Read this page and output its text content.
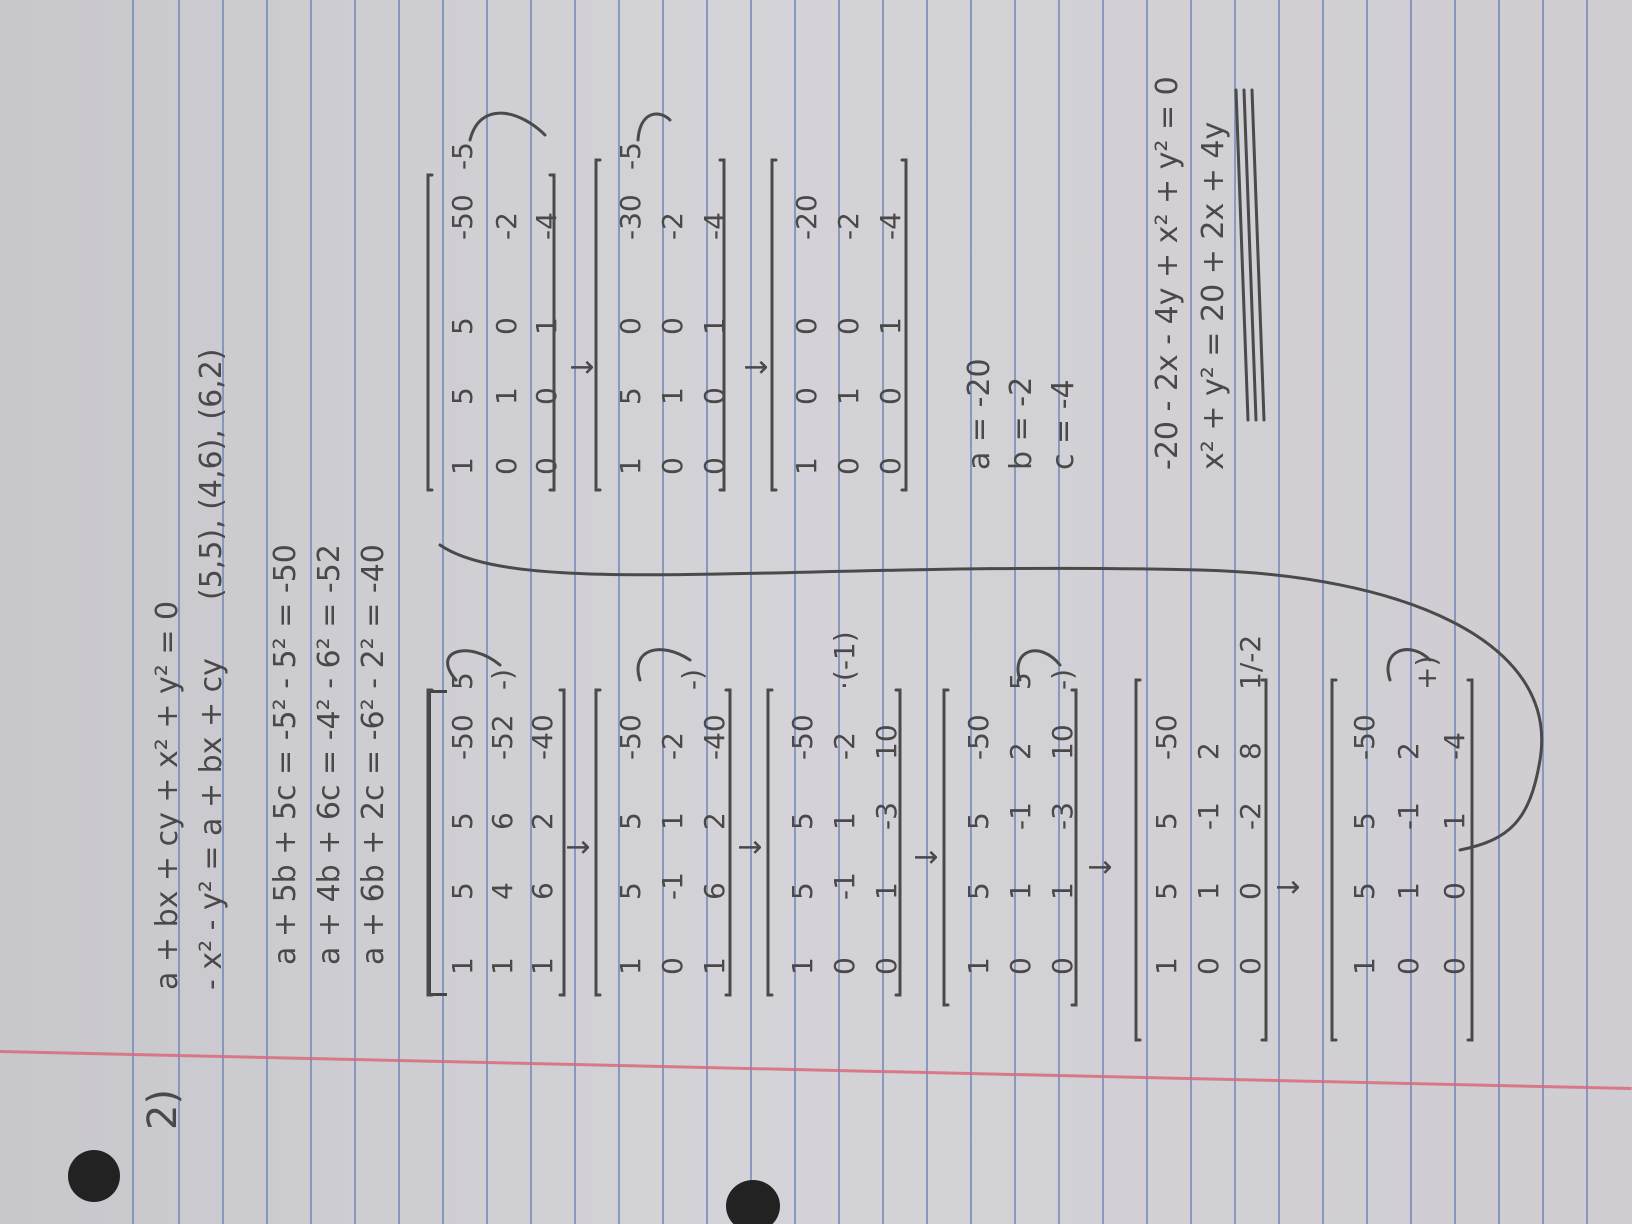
2)
a + bx + cy + x² + y² = 0 - x² - y² = a + bx + cy
(5,5), (4,6), (6,2)
a + 5b + 5c = -5² - 5² = -50 a + 4b + 6c = -4² - 6² = -52 a + 6b + 2c = -6² - 2² = -40
1
5
5
-50
1
4
6
-52
1
6
2
-40
5 -)
↓
1
5
5
-50
0
-1
1
-2
1
6
2
-40
-)
↓
1
5
5
-50
0
-1
1
-2
0
1
-3
10
·(-1)
↓
1
5
5
-50
0
1
-1
2
0
1
-3
10
5 -)
↓
1
5
5
-50
0
1
-1
2
0
0
-2
8
1/-2
↓
1
5
5
-50
0
1
-1
2
0
0
1
-4
+)
1
5
5
-50
0
1
0
-2
0
0
1
-4
-5
↓
1
5
0
-30
0
1
0
-2
0
0
1
-4
-5
↓
1
0
0
-20
0
1
0
-2
0
0
1
-4
a = -20 b = -2 c = -4 -20 - 2x - 4y + x² + y² = 0 x² + y² = 20 + 2x + 4y
